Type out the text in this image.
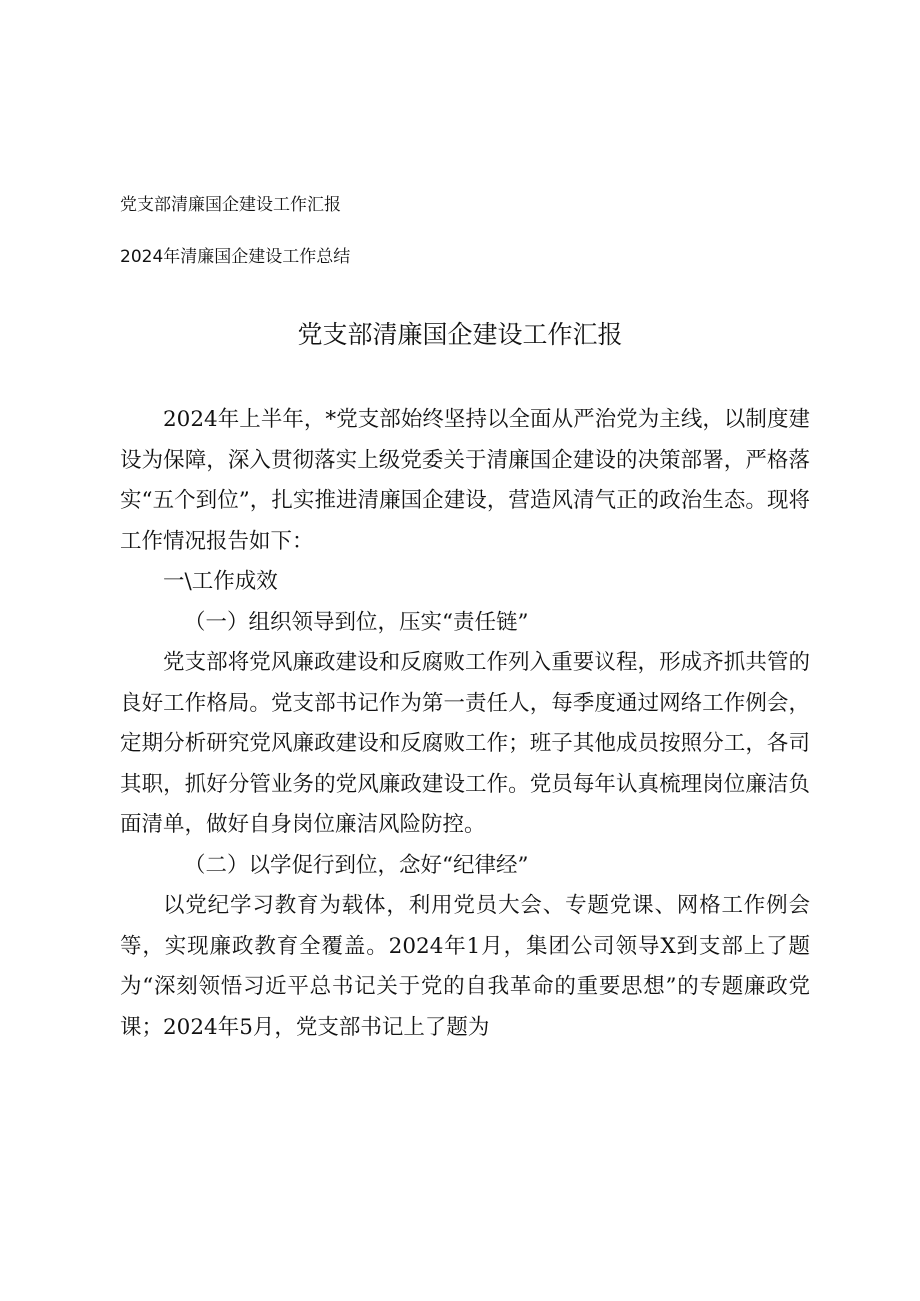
党支部清廉国企建设工作汇报
2024年清廉国企建设工作总结
党支部清廉国企建设工作汇报

2024年上半年，*党支部始终坚持以全面从严治党为主线，以制度建设为保障，深入贯彻落实上级党委关于清廉国企建设的决策部署，严格落实“五个到位”，扎实推进清廉国企建设，营造风清气正的政治生态。现将工作情况报告如下：

一\工作成效

（一）组织领导到位，压实“责任链”

党支部将党风廉政建设和反腐败工作列入重要议程，形成齐抓共管的良好工作格局。党支部书记作为第一责任人，每季度通过网络工作例会，定期分析研究党风廉政建设和反腐败工作；班子其他成员按照分工，各司其职，抓好分管业务的党风廉政建设工作。党员每年认真梳理岗位廉洁负面清单，做好自身岗位廉洁风险防控。

（二）以学促行到位，念好“纪律经”

以党纪学习教育为载体，利用党员大会、专题党课、网格工作例会等，实现廉政教育全覆盖。2024年1月，集团公司领导X到支部上了题为“深刻领悟习近平总书记关于党的自我革命的重要思想”的专题廉政党课；2024年5月，党支部书记上了题为
